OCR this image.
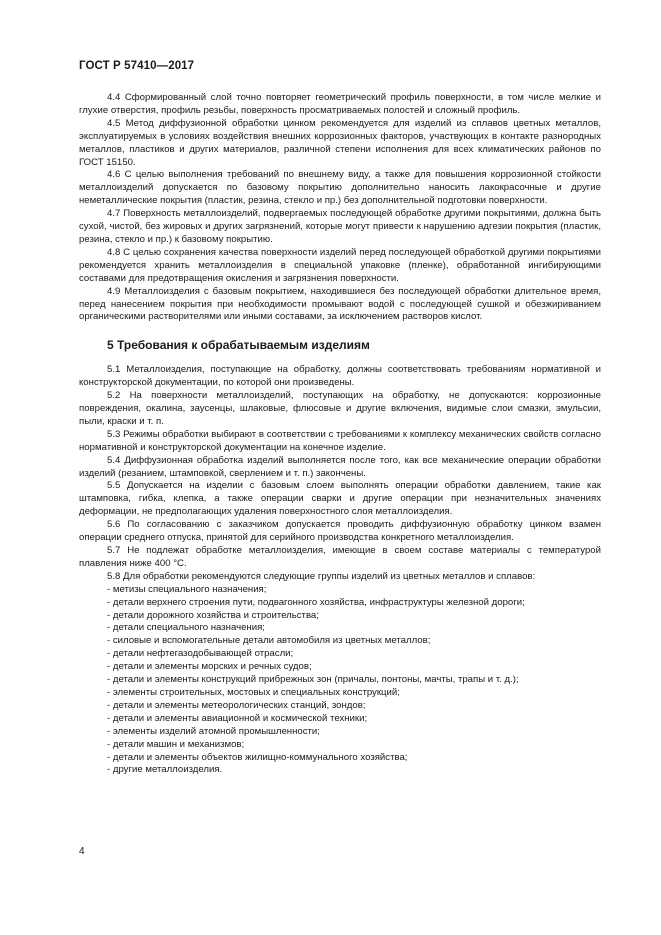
ГОСТ Р 57410—2017

4.4 Сформированный слой точно повторяет геометрический профиль поверхности, в том числе мелкие и глухие отверстия, профиль резьбы, поверхность просматриваемых полостей и сложный профиль.

4.5 Метод диффузионной обработки цинком рекомендуется для изделий из сплавов цветных металлов, эксплуатируемых в условиях воздействия внешних коррозионных факторов, участвующих в контакте разнородных металлов, пластиков и других материалов, различной степени исполнения для всех климатических районов по ГОСТ 15150.

4.6 С целью выполнения требований по внешнему виду, а также для повышения коррозионной стойкости металлоизделий допускается по базовому покрытию дополнительно наносить лакокрасочные и другие неметаллические покрытия (пластик, резина, стекло и пр.) без дополнительной подготовки поверхности.

4.7 Поверхность металлоизделий, подвергаемых последующей обработке другими покрытиями, должна быть сухой, чистой, без жировых и других загрязнений, которые могут привести к нарушению адгезии покрытия (пластик, резина, стекло и пр.) к базовому покрытию.

4.8 С целью сохранения качества поверхности изделий перед последующей обработкой другими покрытиями рекомендуется хранить металлоизделия в специальной упаковке (пленке), обработанной ингибирующими составами для предотвращения окисления и загрязнения поверхности.

4.9 Металлоизделия с базовым покрытием, находившиеся без последующей обработки длительное время, перед нанесением покрытия при необходимости промывают водой с последующей сушкой и обезжириванием органическими растворителями или иными составами, за исключением растворов кислот.

5 Требования к обрабатываемым изделиям

5.1 Металлоизделия, поступающие на обработку, должны соответствовать требованиям нормативной и конструкторской документации, по которой они произведены.

5.2 На поверхности металлоизделий, поступающих на обработку, не допускаются: коррозионные повреждения, окалина, заусенцы, шлаковые, флюсовые и другие включения, видимые слои смазки, эмульсии, пыли, краски и т. п.

5.3 Режимы обработки выбирают в соответствии с требованиями к комплексу механических свойств согласно нормативной и конструкторской документации на конечное изделие.

5.4 Диффузионная обработка изделий выполняется после того, как все механические операции обработки изделий (резанием, штамповкой, сверлением и т. п.) закончены.

5.5 Допускается на изделии с базовым слоем выполнять операции обработки давлением, такие как штамповка, гибка, клепка, а также операции сварки и другие операции при незначительных значениях деформации, не предполагающих удаления поверхностного слоя металлоизделия.

5.6 По согласованию с заказчиком допускается проводить диффузионную обработку цинком взамен операции среднего отпуска, принятой для серийного производства конкретного металлоизделия.

5.7 Не подлежат обработке металлоизделия, имеющие в своем составе материалы с температурой плавления ниже 400 °С.

5.8 Для обработки рекомендуются следующие группы изделий из цветных металлов и сплавов:

- метизы специального назначения;
- детали верхнего строения пути, подвагонного хозяйства, инфраструктуры железной дороги;
- детали дорожного хозяйства и строительства;
- детали специального назначения;
- силовые и вспомогательные детали автомобиля из цветных металлов;
- детали нефтегазодобывающей отрасли;
- детали и элементы морских и речных судов;
- детали и элементы конструкций прибрежных зон (причалы, понтоны, мачты, трапы и т. д.);
- элементы строительных, мостовых и специальных конструкций;
- детали и элементы метеорологических станций, зондов;
- детали и элементы авиационной и космической техники;
- элементы изделий атомной промышленности;
- детали машин и механизмов;
- детали и элементы объектов жилищно-коммунального хозяйства;
- другие металлоизделия.
4
